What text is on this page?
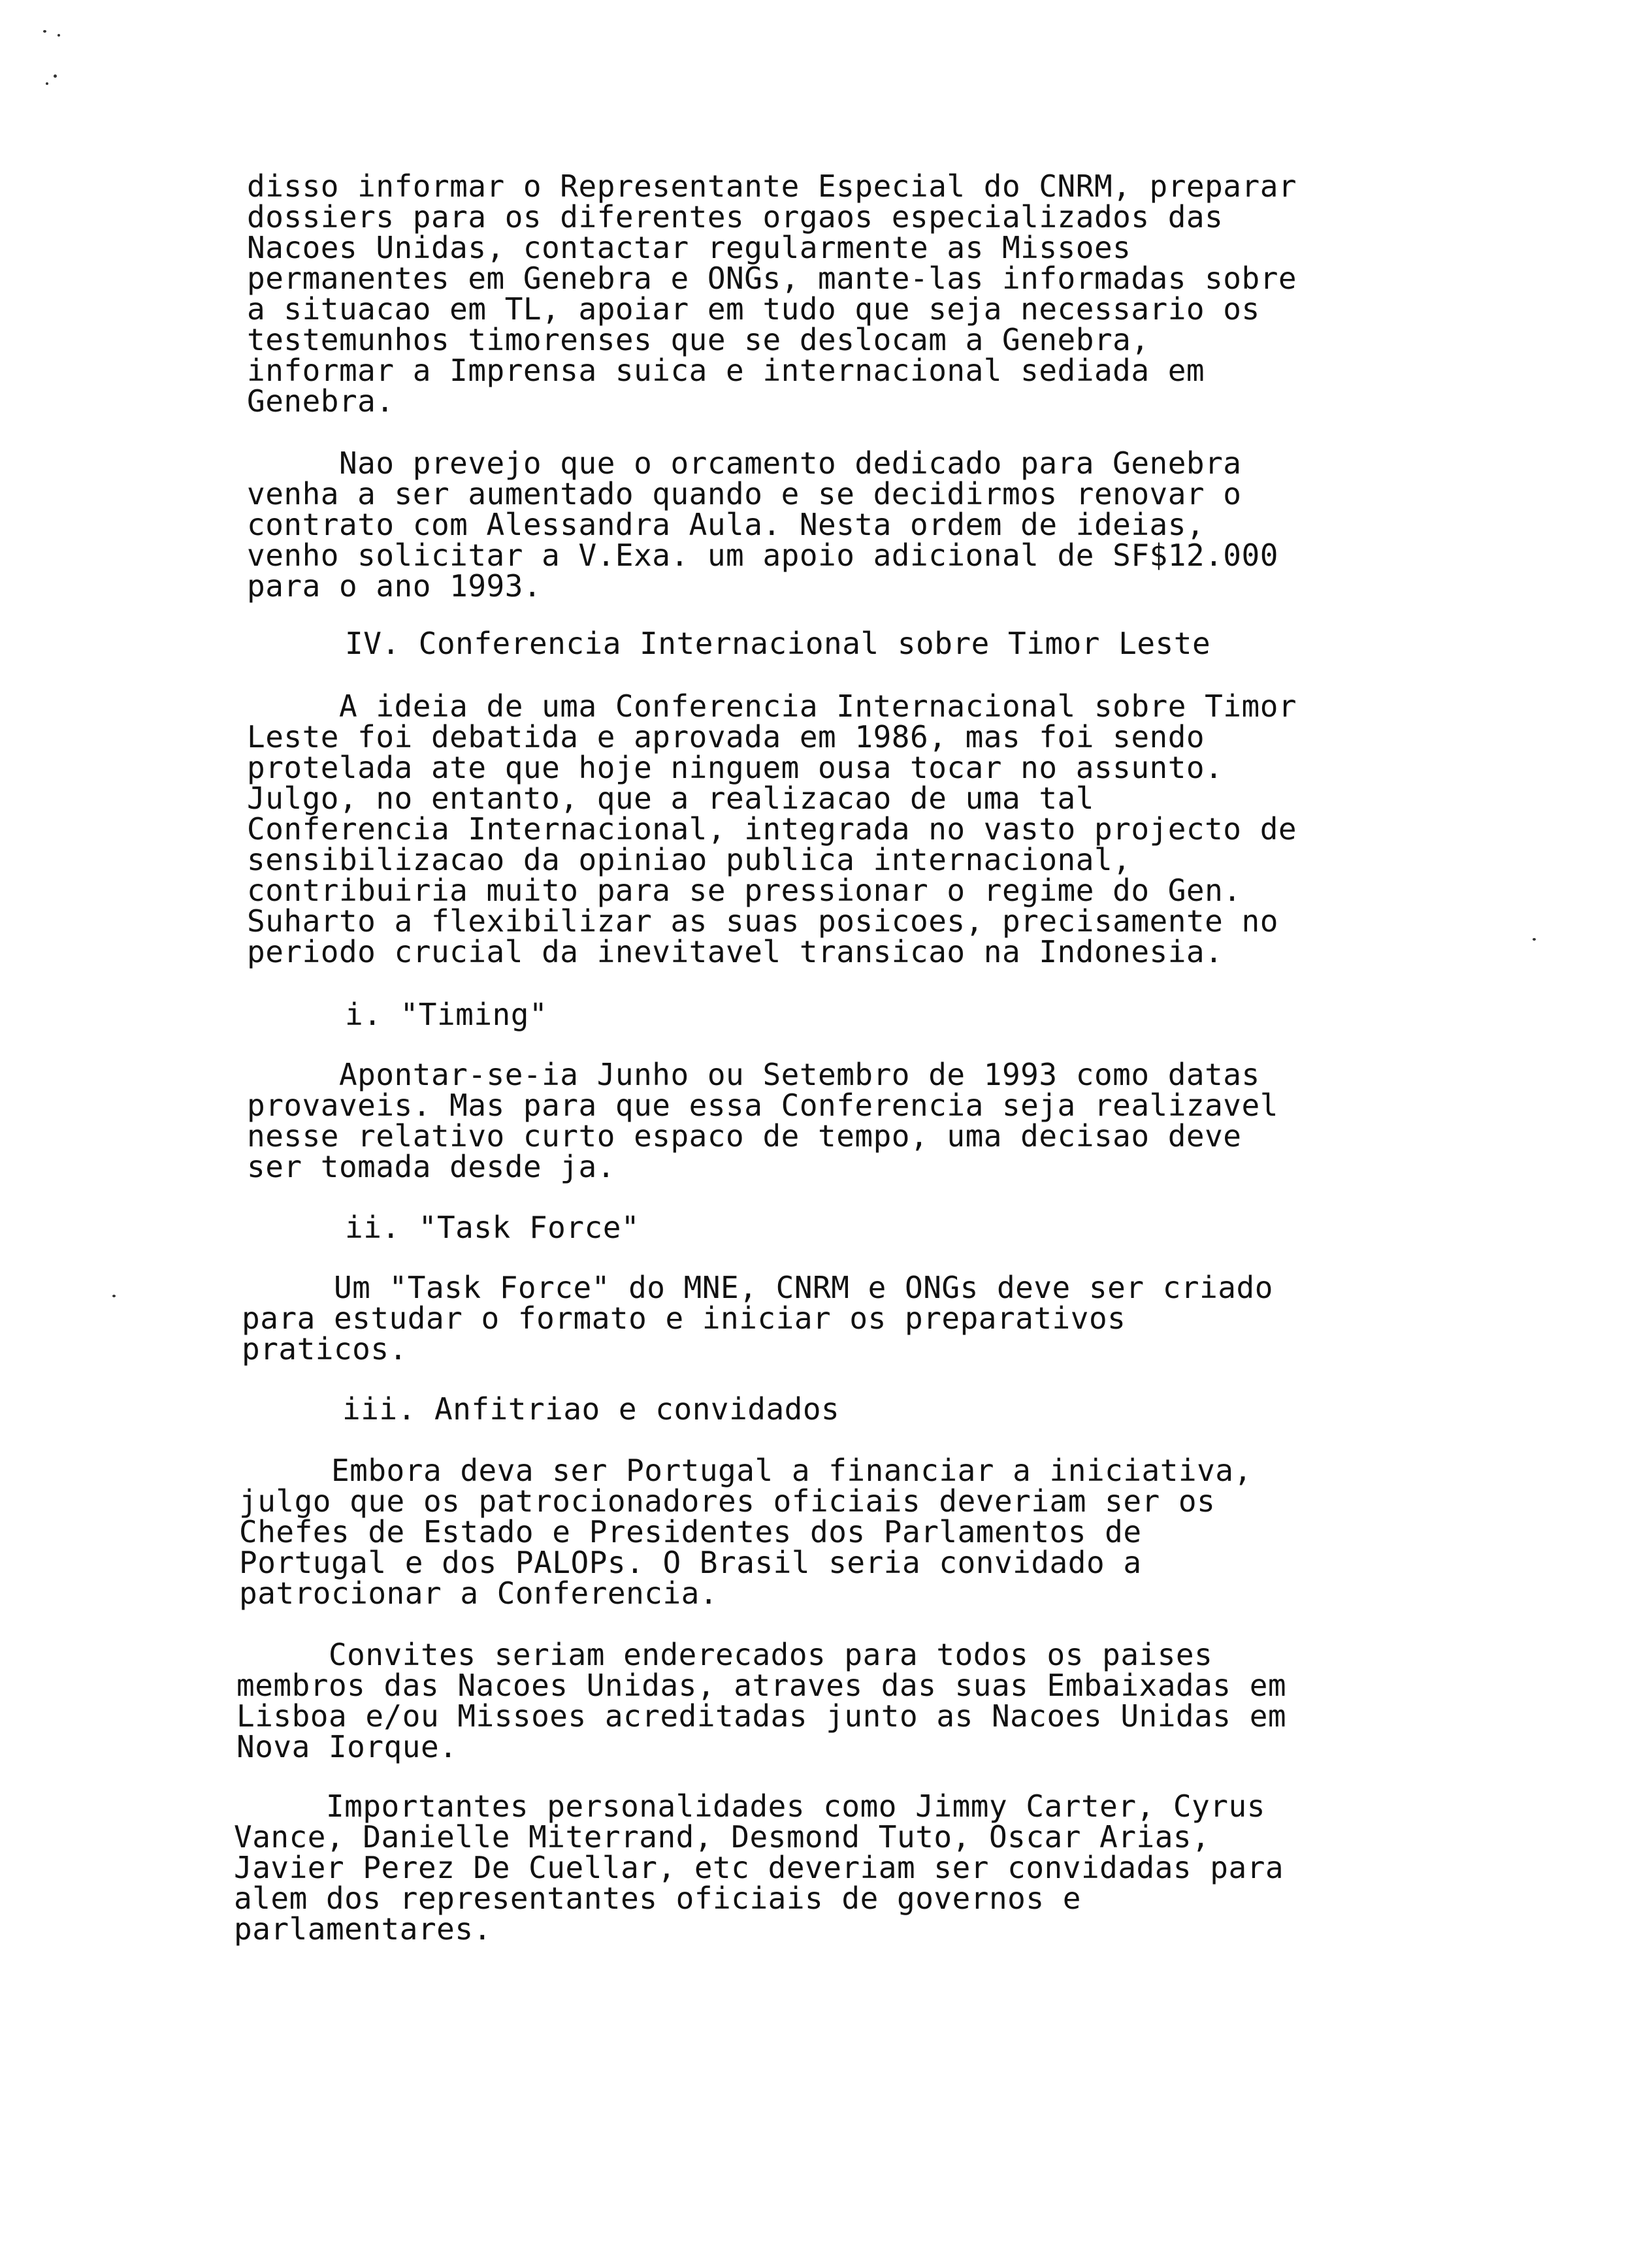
disso informar o Representante Especial do CNRM, preparar
dossiers para os diferentes orgaos especializados das
Nacoes Unidas, contactar regularmente as Missoes
permanentes em Genebra e ONGs, mante-las informadas sobre
a situacao em TL, apoiar em tudo que seja necessario os
testemunhos timorenses que se deslocam a Genebra,
informar a Imprensa suica e internacional sediada em
Genebra.
Nao prevejo que o orcamento dedicado para Genebra
venha a ser aumentado quando e se decidirmos renovar o
contrato com Alessandra Aula. Nesta ordem de ideias,
venho solicitar a V.Exa. um apoio adicional de SF$12.000
para o ano 1993.
IV. Conferencia Internacional sobre Timor Leste
A ideia de uma Conferencia Internacional sobre Timor
Leste foi debatida e aprovada em 1986, mas foi sendo
protelada ate que hoje ninguem ousa tocar no assunto.
Julgo, no entanto, que a realizacao de uma tal
Conferencia Internacional, integrada no vasto projecto de
sensibilizacao da opiniao publica internacional,
contribuiria muito para se pressionar o regime do Gen.
Suharto a flexibilizar as suas posicoes, precisamente no
periodo crucial da inevitavel transicao na Indonesia.
i. "Timing"
Apontar-se-ia Junho ou Setembro de 1993 como datas
provaveis. Mas para que essa Conferencia seja realizavel
nesse relativo curto espaco de tempo, uma decisao deve
ser tomada desde ja.
ii. "Task Force"
Um "Task Force" do MNE, CNRM e ONGs deve ser criado
para estudar o formato e iniciar os preparativos
praticos.
iii. Anfitriao e convidados
Embora deva ser Portugal a financiar a iniciativa,
julgo que os patrocionadores oficiais deveriam ser os
Chefes de Estado e Presidentes dos Parlamentos de
Portugal e dos PALOPs. O Brasil seria convidado a
patrocionar a Conferencia.
Convites seriam enderecados para todos os paises
membros das Nacoes Unidas, atraves das suas Embaixadas em
Lisboa e/ou Missoes acreditadas junto as Nacoes Unidas em
Nova Iorque.
Importantes personalidades como Jimmy Carter, Cyrus
Vance, Danielle Miterrand, Desmond Tuto, Oscar Arias,
Javier Perez De Cuellar, etc deveriam ser convidadas para
alem dos representantes oficiais de governos e
parlamentares.
